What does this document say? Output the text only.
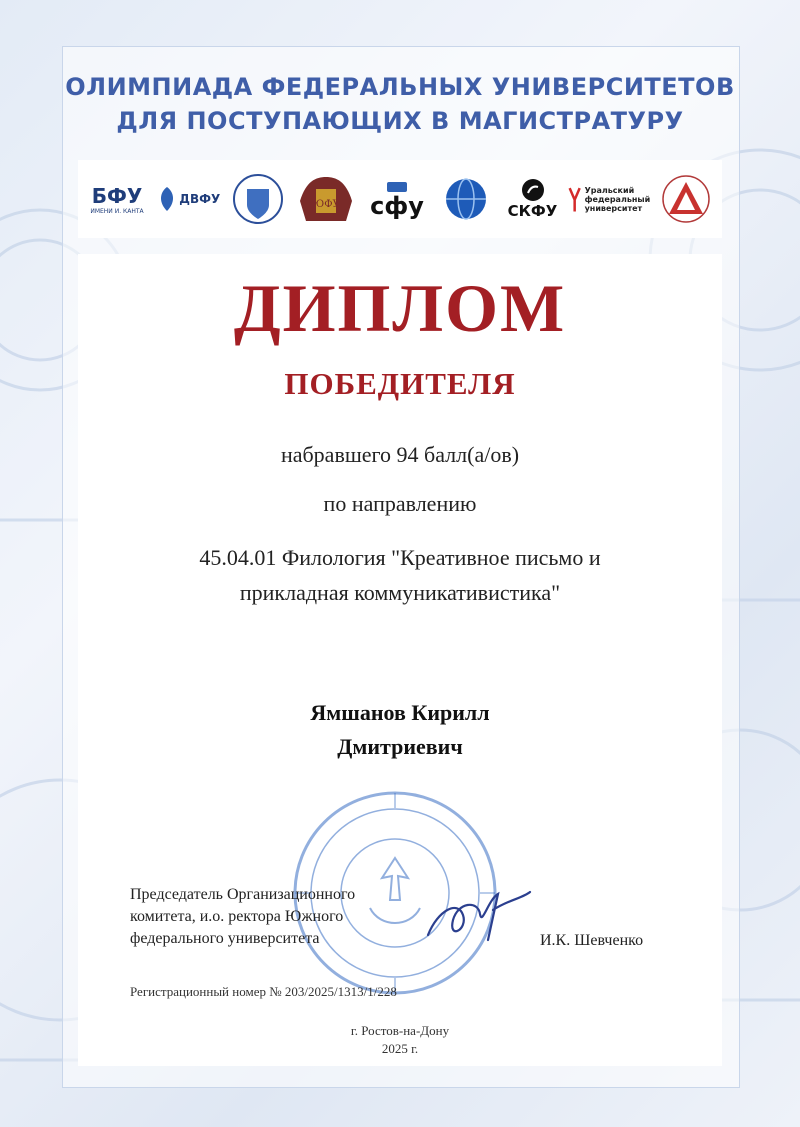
ОЛИМПИАДА ФЕДЕРАЛЬНЫХ УНИВЕРСИТЕТОВ
ДЛЯ ПОСТУПАЮЩИХ В МАГИСТРАТУРУ
БФУ
ИМЕНИ И. КАНТА
ДВФУ	ЮФУ сфу	СКФУ
Уральский
федеральный
университет
ДИПЛОМ
ПОБЕДИТЕЛЯ
набравшего 94 балл(а/ов)
по направлению
45.04.01 Филология "Креативное письмо и
прикладная коммуникативистика"
Ямшанов Кирилл
Дмитриевич
Председатель Организационного
комитета, и.о. ректора Южного
федерального университета	И.К. Шевченко
Регистрационный номер № 203/2025/1313/1/228
г. Ростов-на-Дону
2025 г.
